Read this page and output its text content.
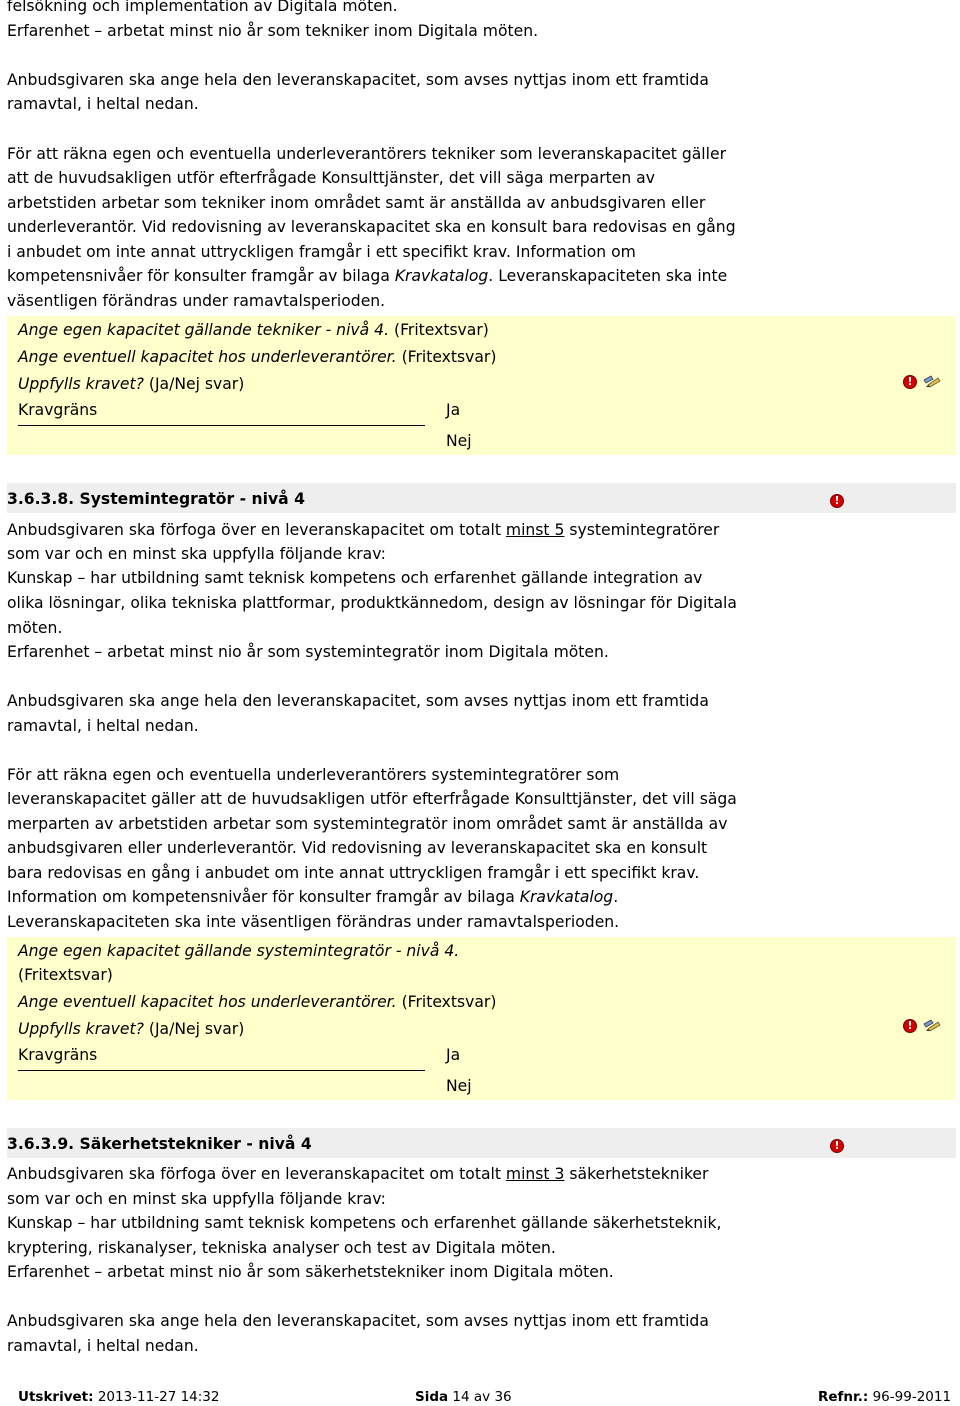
felsökning och implementation av Digitala möten.
Erfarenhet – arbetat minst nio år som tekniker inom Digitala möten.
Anbudsgivaren ska ange hela den leveranskapacitet, som avses nyttjas inom ett framtida
ramavtal, i heltal nedan.
För att räkna egen och eventuella underleverantörers tekniker som leveranskapacitet gäller
att de huvudsakligen utför efterfrågade Konsulttjänster, det vill säga merparten av
arbetstiden arbetar som tekniker inom området samt är anställda av anbudsgivaren eller
underleverantör. Vid redovisning av leveranskapacitet ska en konsult bara redovisas en gång
i anbudet om inte annat uttryckligen framgår i ett specifikt krav. Information om
kompetensnivåer för konsulter framgår av bilaga Kravkatalog. Leveranskapaciteten ska inte
väsentligen förändras under ramavtalsperioden.
Ange egen kapacitet gällande tekniker - nivå 4. (Fritextsvar)
Ange eventuell kapacitet hos underleverantörer. (Fritextsvar)
Uppfylls kravet? (Ja/Nej svar)
Kravgräns	Ja
Nej
!
3.6.3.8. Systemintegratör - nivå 4	!
Anbudsgivaren ska förfoga över en leveranskapacitet om totalt minst 5 systemintegratörer
som var och en minst ska uppfylla följande krav:
Kunskap – har utbildning samt teknisk kompetens och erfarenhet gällande integration av
olika lösningar, olika tekniska plattformar, produktkännedom, design av lösningar för Digitala
möten.
Erfarenhet – arbetat minst nio år som systemintegratör inom Digitala möten.
Anbudsgivaren ska ange hela den leveranskapacitet, som avses nyttjas inom ett framtida
ramavtal, i heltal nedan.
För att räkna egen och eventuella underleverantörers systemintegratörer som
leveranskapacitet gäller att de huvudsakligen utför efterfrågade Konsulttjänster, det vill säga
merparten av arbetstiden arbetar som systemintegratör inom området samt är anställda av
anbudsgivaren eller underleverantör. Vid redovisning av leveranskapacitet ska en konsult
bara redovisas en gång i anbudet om inte annat uttryckligen framgår i ett specifikt krav.
Information om kompetensnivåer för konsulter framgår av bilaga Kravkatalog.
Leveranskapaciteten ska inte väsentligen förändras under ramavtalsperioden.
Ange egen kapacitet gällande systemintegratör - nivå 4.
(Fritextsvar)
Ange eventuell kapacitet hos underleverantörer. (Fritextsvar)
Uppfylls kravet? (Ja/Nej svar)
Kravgräns	Ja
Nej
!
3.6.3.9. Säkerhetstekniker - nivå 4	!
Anbudsgivaren ska förfoga över en leveranskapacitet om totalt minst 3 säkerhetstekniker
som var och en minst ska uppfylla följande krav:
Kunskap – har utbildning samt teknisk kompetens och erfarenhet gällande säkerhetsteknik,
kryptering, riskanalyser, tekniska analyser och test av Digitala möten.
Erfarenhet – arbetat minst nio år som säkerhetstekniker inom Digitala möten.
Anbudsgivaren ska ange hela den leveranskapacitet, som avses nyttjas inom ett framtida
ramavtal, i heltal nedan.
Utskrivet: 2013-11-27 14:32	Sida 14 av 36	Refnr.: 96-99-2011
